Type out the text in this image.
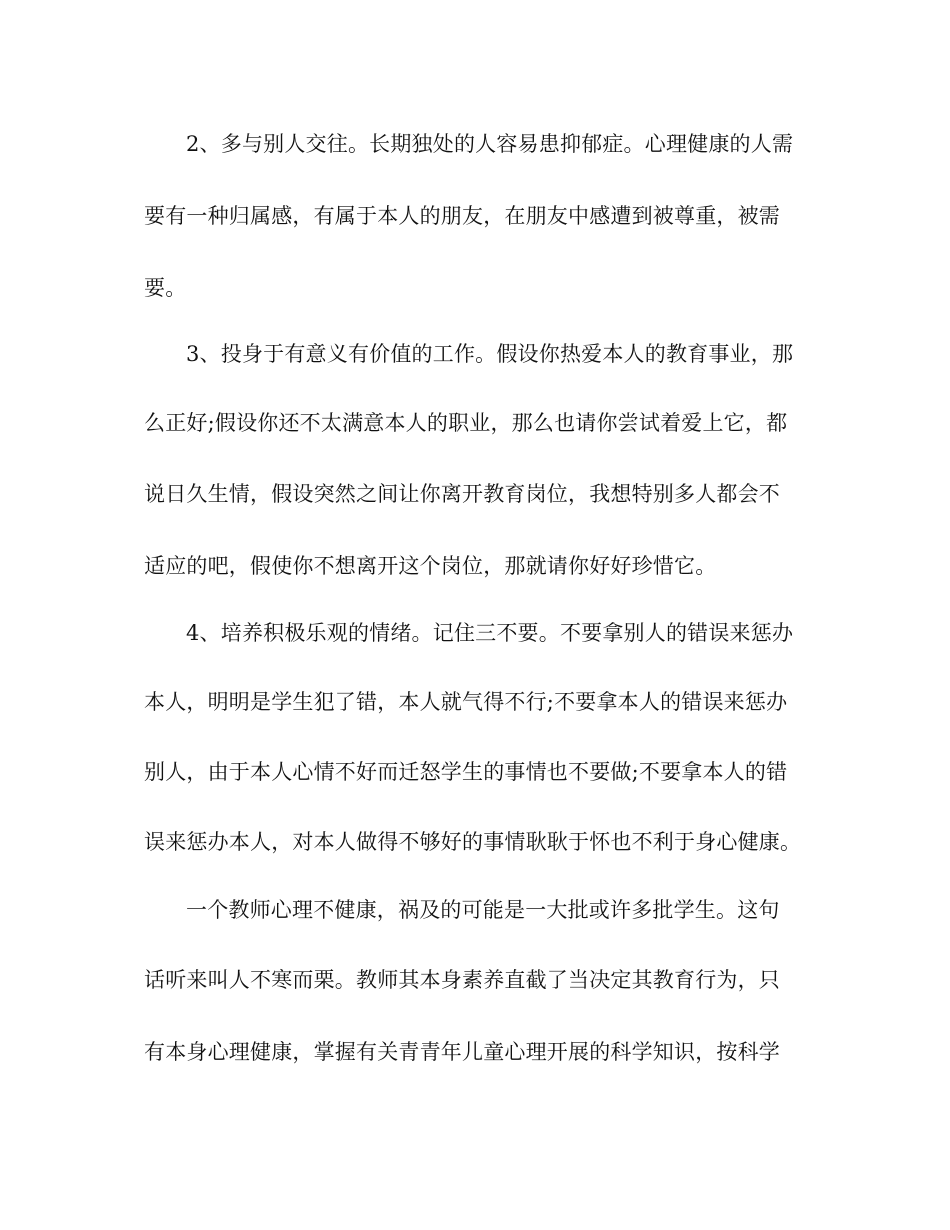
2、多与别人交往。长期独处的人容易患抑郁症。心理健康的人需
要有一种归属感，有属于本人的朋友，在朋友中感遭到被尊重，被需
要。
3、投身于有意义有价值的工作。假设你热爱本人的教育事业，那
么正好;假设你还不太满意本人的职业，那么也请你尝试着爱上它，都
说日久生情，假设突然之间让你离开教育岗位，我想特别多人都会不
适应的吧，假使你不想离开这个岗位，那就请你好好珍惜它。
4、培养积极乐观的情绪。记住三不要。不要拿别人的错误来惩办
本人，明明是学生犯了错，本人就气得不行;不要拿本人的错误来惩办
别人，由于本人心情不好而迁怒学生的事情也不要做;不要拿本人的错
误来惩办本人，对本人做得不够好的事情耿耿于怀也不利于身心健康。
一个教师心理不健康，祸及的可能是一大批或许多批学生。这句
话听来叫人不寒而栗。教师其本身素养直截了当决定其教育行为，只
有本身心理健康，掌握有关青青年儿童心理开展的科学知识，按科学
